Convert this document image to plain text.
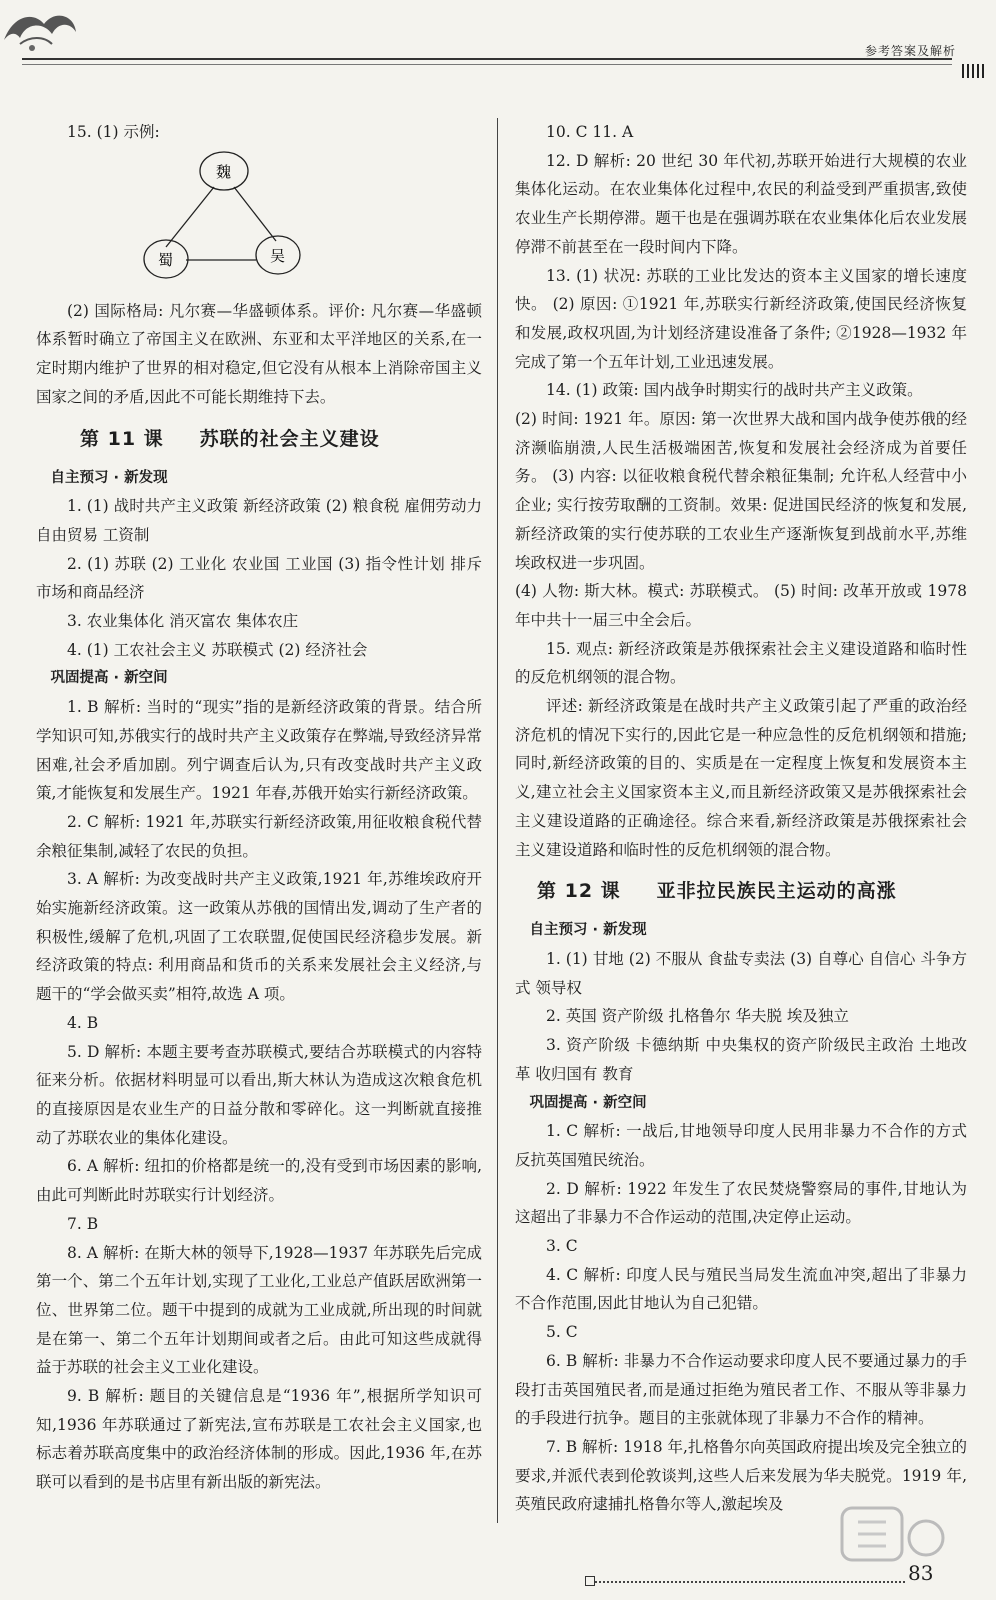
参考答案及解析

15. (1) 示例:

魏
蜀	吴

(2) 国际格局: 凡尔赛—华盛顿体系。评价: 凡尔赛—华盛顿体系暂时确立了帝国主义在欧洲、东亚和太平洋地区的关系,在一定时期内维护了世界的相对稳定,但它没有从根本上消除帝国主义国家之间的矛盾,因此不可能长期维持下去。

第 11 课 苏联的社会主义建设

自主预习 · 新发现

1. (1) 战时共产主义政策 新经济政策 (2) 粮食税 雇佣劳动力 自由贸易 工资制

2. (1) 苏联 (2) 工业化 农业国 工业国 (3) 指令性计划 排斥市场和商品经济

3. 农业集体化 消灭富农 集体农庄

4. (1) 工农社会主义 苏联模式 (2) 经济社会

巩固提高 · 新空间

1. B 解析: 当时的“现实”指的是新经济政策的背景。结合所学知识可知,苏俄实行的战时共产主义政策存在弊端,导致经济异常困难,社会矛盾加剧。列宁调查后认为,只有改变战时共产主义政策,才能恢复和发展生产。1921 年春,苏俄开始实行新经济政策。

2. C 解析: 1921 年,苏联实行新经济政策,用征收粮食税代替余粮征集制,减轻了农民的负担。

3. A 解析: 为改变战时共产主义政策,1921 年,苏维埃政府开始实施新经济政策。这一政策从苏俄的国情出发,调动了生产者的积极性,缓解了危机,巩固了工农联盟,促使国民经济稳步发展。新经济政策的特点: 利用商品和货币的关系来发展社会主义经济,与题干的“学会做买卖”相符,故选 A 项。

4. B

5. D 解析: 本题主要考查苏联模式,要结合苏联模式的内容特征来分析。依据材料明显可以看出,斯大林认为造成这次粮食危机的直接原因是农业生产的日益分散和零碎化。这一判断就直接推动了苏联农业的集体化建设。

6. A 解析: 纽扣的价格都是统一的,没有受到市场因素的影响,由此可判断此时苏联实行计划经济。

7. B

8. A 解析: 在斯大林的领导下,1928—1937 年苏联先后完成第一个、第二个五年计划,实现了工业化,工业总产值跃居欧洲第一位、世界第二位。题干中提到的成就为工业成就,所出现的时间就是在第一、第二个五年计划期间或者之后。由此可知这些成就得益于苏联的社会主义工业化建设。

9. B 解析: 题目的关键信息是“1936 年”,根据所学知识可知,1936 年苏联通过了新宪法,宣布苏联是工农社会主义国家,也标志着苏联高度集中的政治经济体制的形成。因此,1936 年,在苏联可以看到的是书店里有新出版的新宪法。

10. C 11. A

12. D 解析: 20 世纪 30 年代初,苏联开始进行大规模的农业集体化运动。在农业集体化过程中,农民的利益受到严重损害,致使农业生产长期停滞。题干也是在强调苏联在农业集体化后农业发展停滞不前甚至在一段时间内下降。

13. (1) 状况: 苏联的工业比发达的资本主义国家的增长速度快。 (2) 原因: ①1921 年,苏联实行新经济政策,使国民经济恢复和发展,政权巩固,为计划经济建设准备了条件; ②1928—1932 年完成了第一个五年计划,工业迅速发展。

14. (1) 政策: 国内战争时期实行的战时共产主义政策。

(2) 时间: 1921 年。原因: 第一次世界大战和国内战争使苏俄的经济濒临崩溃,人民生活极端困苦,恢复和发展社会经济成为首要任务。 (3) 内容: 以征收粮食税代替余粮征集制; 允许私人经营中小企业; 实行按劳取酬的工资制。效果: 促进国民经济的恢复和发展,新经济政策的实行使苏联的工农业生产逐渐恢复到战前水平,苏维埃政权进一步巩固。

(4) 人物: 斯大林。模式: 苏联模式。 (5) 时间: 改革开放或 1978 年中共十一届三中全会后。

15. 观点: 新经济政策是苏俄探索社会主义建设道路和临时性的反危机纲领的混合物。

评述: 新经济政策是在战时共产主义政策引起了严重的政治经济危机的情况下实行的,因此它是一种应急性的反危机纲领和措施; 同时,新经济政策的目的、实质是在一定程度上恢复和发展资本主义,建立社会主义国家资本主义,而且新经济政策又是苏俄探索社会主义建设道路的正确途径。综合来看,新经济政策是苏俄探索社会主义建设道路和临时性的反危机纲领的混合物。

第 12 课 亚非拉民族民主运动的高涨

自主预习 · 新发现

1. (1) 甘地 (2) 不服从 食盐专卖法 (3) 自尊心 自信心 斗争方式 领导权

2. 英国 资产阶级 扎格鲁尔 华夫脱 埃及独立

3. 资产阶级 卡德纳斯 中央集权的资产阶级民主政治 土地改革 收归国有 教育

巩固提高 · 新空间

1. C 解析: 一战后,甘地领导印度人民用非暴力不合作的方式反抗英国殖民统治。

2. D 解析: 1922 年发生了农民焚烧警察局的事件,甘地认为这超出了非暴力不合作运动的范围,决定停止运动。

3. C

4. C 解析: 印度人民与殖民当局发生流血冲突,超出了非暴力不合作范围,因此甘地认为自己犯错。

5. C

6. B 解析: 非暴力不合作运动要求印度人民不要通过暴力的手段打击英国殖民者,而是通过拒绝为殖民者工作、不服从等非暴力的手段进行抗争。题目的主张就体现了非暴力不合作的精神。

7. B 解析: 1918 年,扎格鲁尔向英国政府提出埃及完全独立的要求,并派代表到伦敦谈判,这些人后来发展为华夫脱党。1919 年,英殖民政府逮捕扎格鲁尔等人,激起埃及

83
